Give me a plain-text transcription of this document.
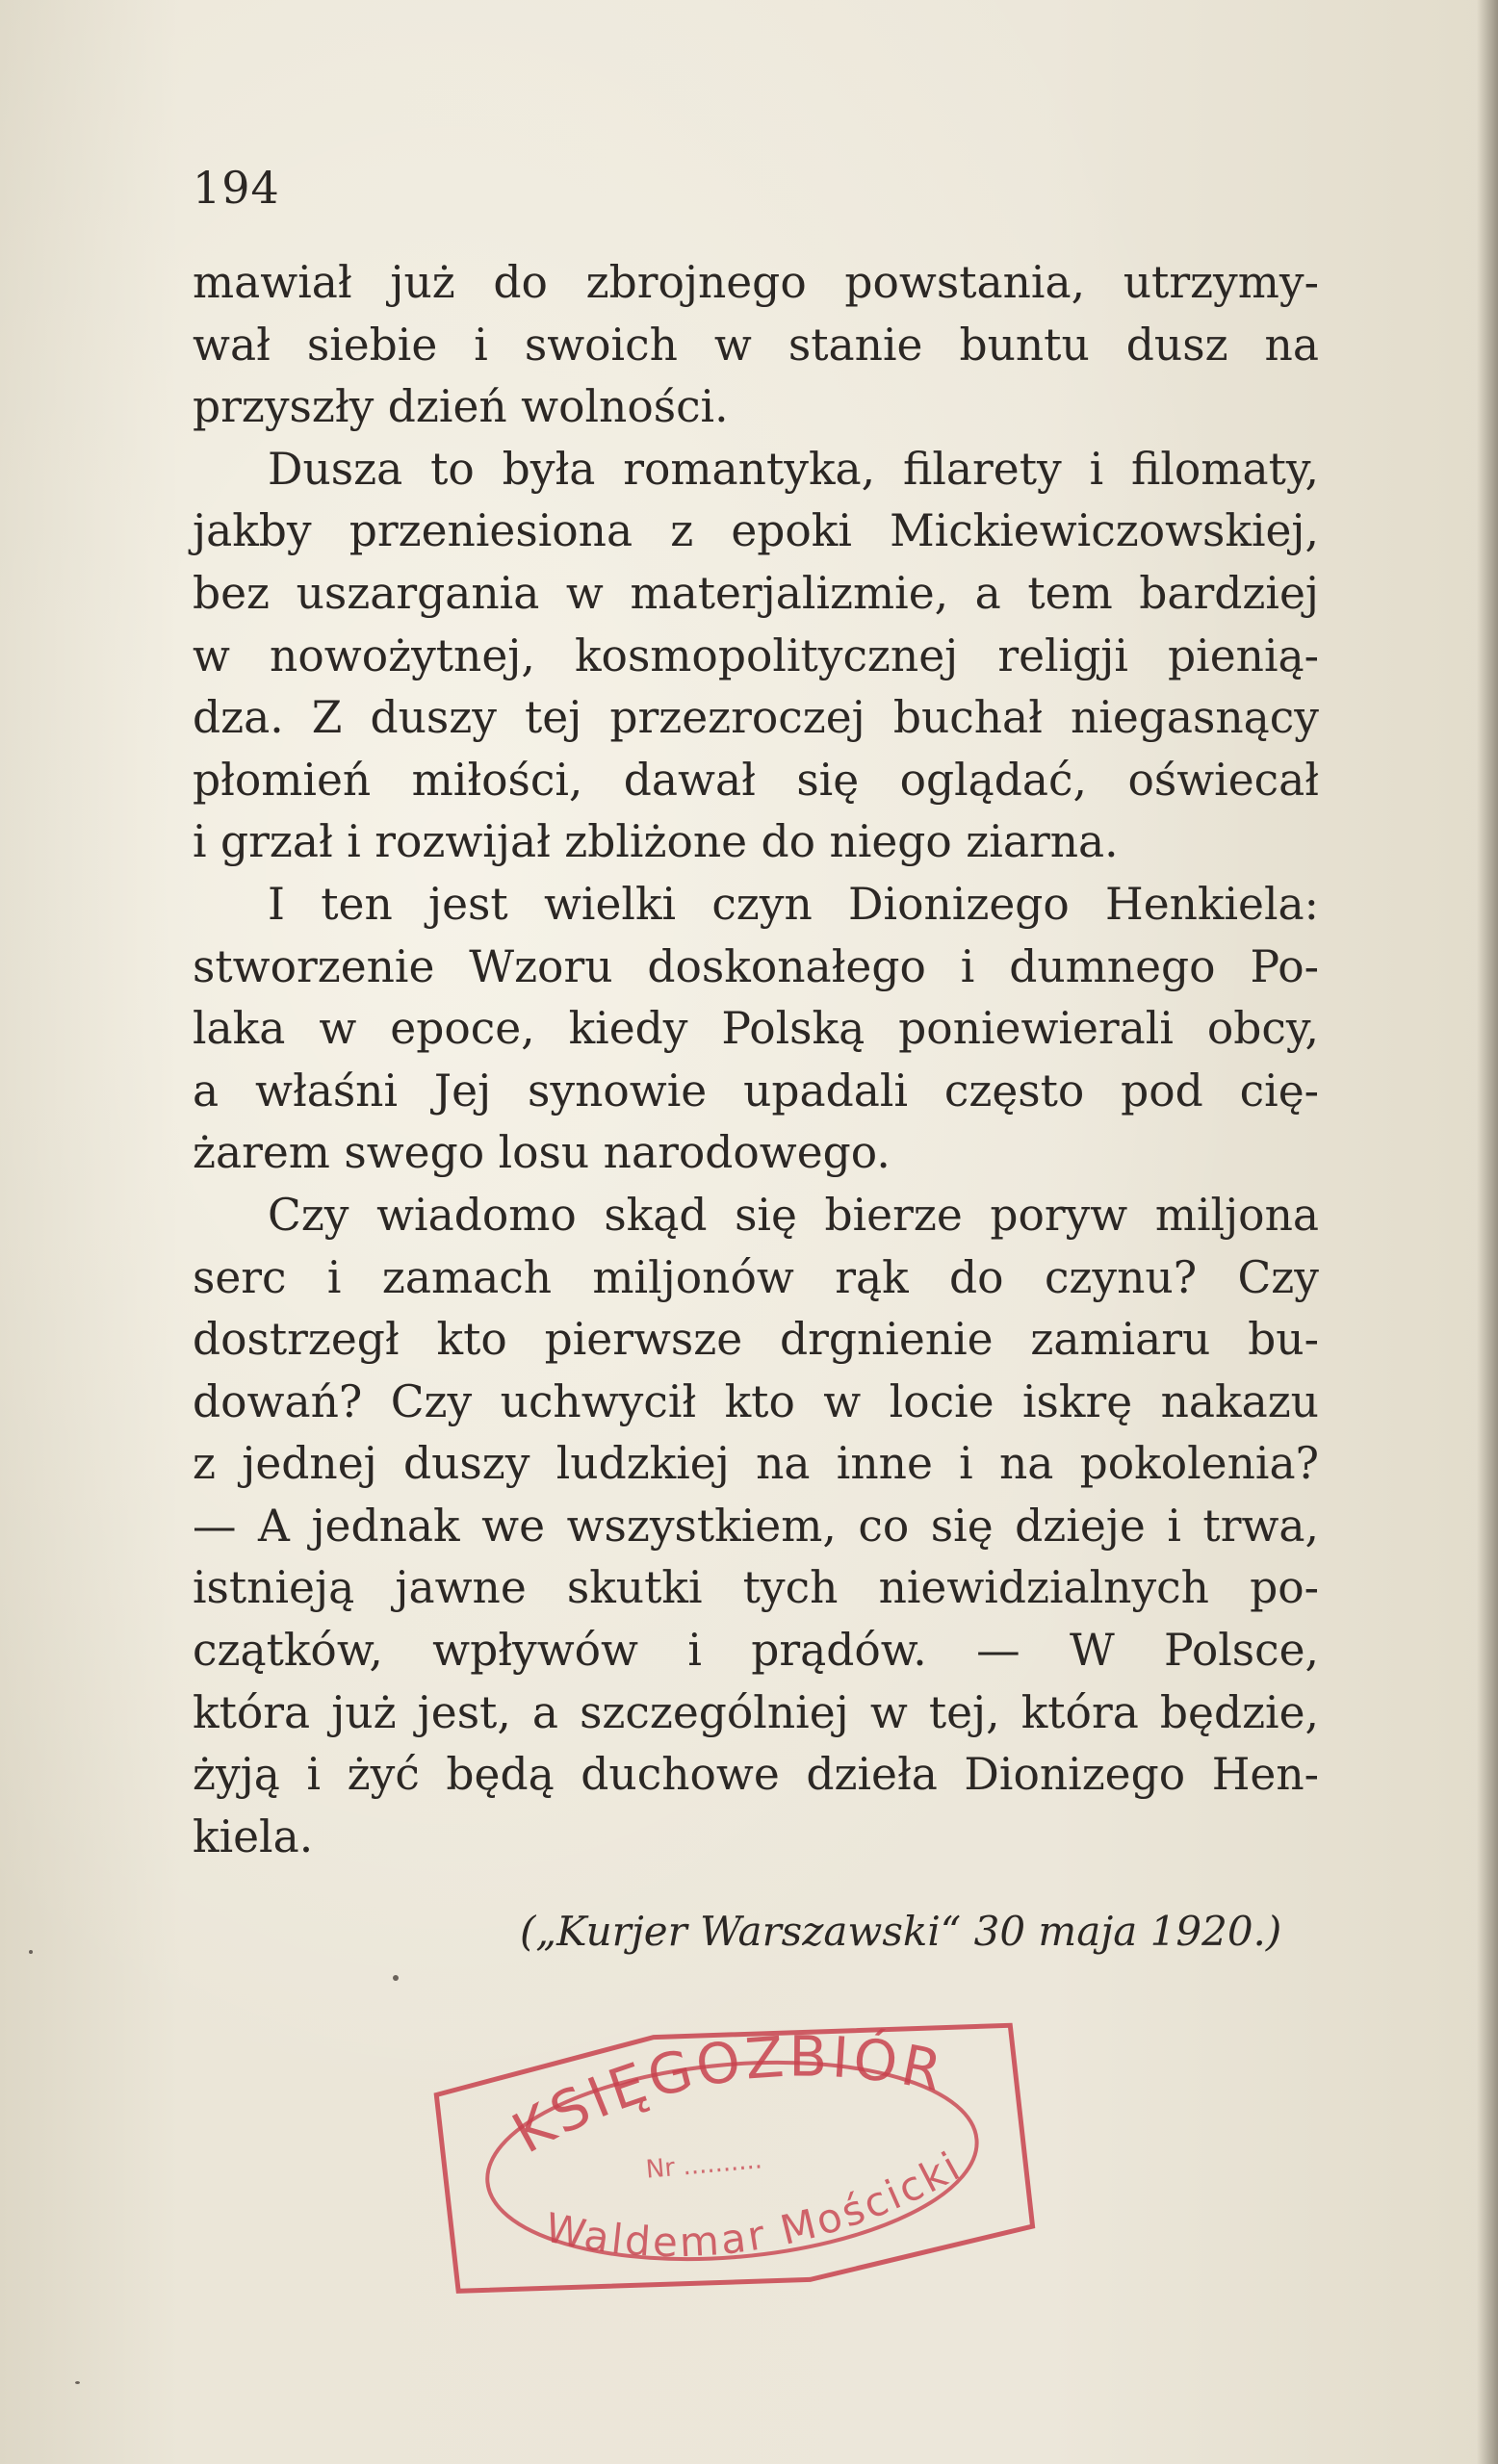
194
mawiał już do zbrojnego powstania, utrzymy-
wał siebie i swoich w stanie buntu dusz na
przyszły dzień wolności.
Dusza to była romantyka, filarety i filomaty,
jakby przeniesiona z epoki Mickiewiczowskiej,
bez uszargania w materjalizmie, a tem bardziej
w nowożytnej, kosmopolitycznej religji pienią-
dza. Z duszy tej przezroczej buchał niegasnący
płomień miłości, dawał się oglądać, oświecał
i grzał i rozwijał zbliżone do niego ziarna.
I ten jest wielki czyn Dionizego Henkiela:
stworzenie Wzoru doskonałego i dumnego Po-
laka w epoce, kiedy Polską poniewierali obcy,
a właśni Jej synowie upadali często pod cię-
żarem swego losu narodowego.
Czy wiadomo skąd się bierze poryw miljona
serc i zamach miljonów rąk do czynu? Czy
dostrzegł kto pierwsze drgnienie zamiaru bu-
dowań? Czy uchwycił kto w locie iskrę nakazu
z jednej duszy ludzkiej na inne i na pokolenia?
— A jednak we wszystkiem, co się dzieje i trwa,
istnieją jawne skutki tych niewidzialnych po-
czątków, wpływów i prądów. — W Polsce,
która już jest, a szczególniej w tej, która będzie,
żyją i żyć będą duchowe dzieła Dionizego Hen-
kiela.
(„Kurjer Warszawski“ 30 maja 1920.)
KSIĘGOZBIÓR
Nr ..........
Waldemar Mościcki
